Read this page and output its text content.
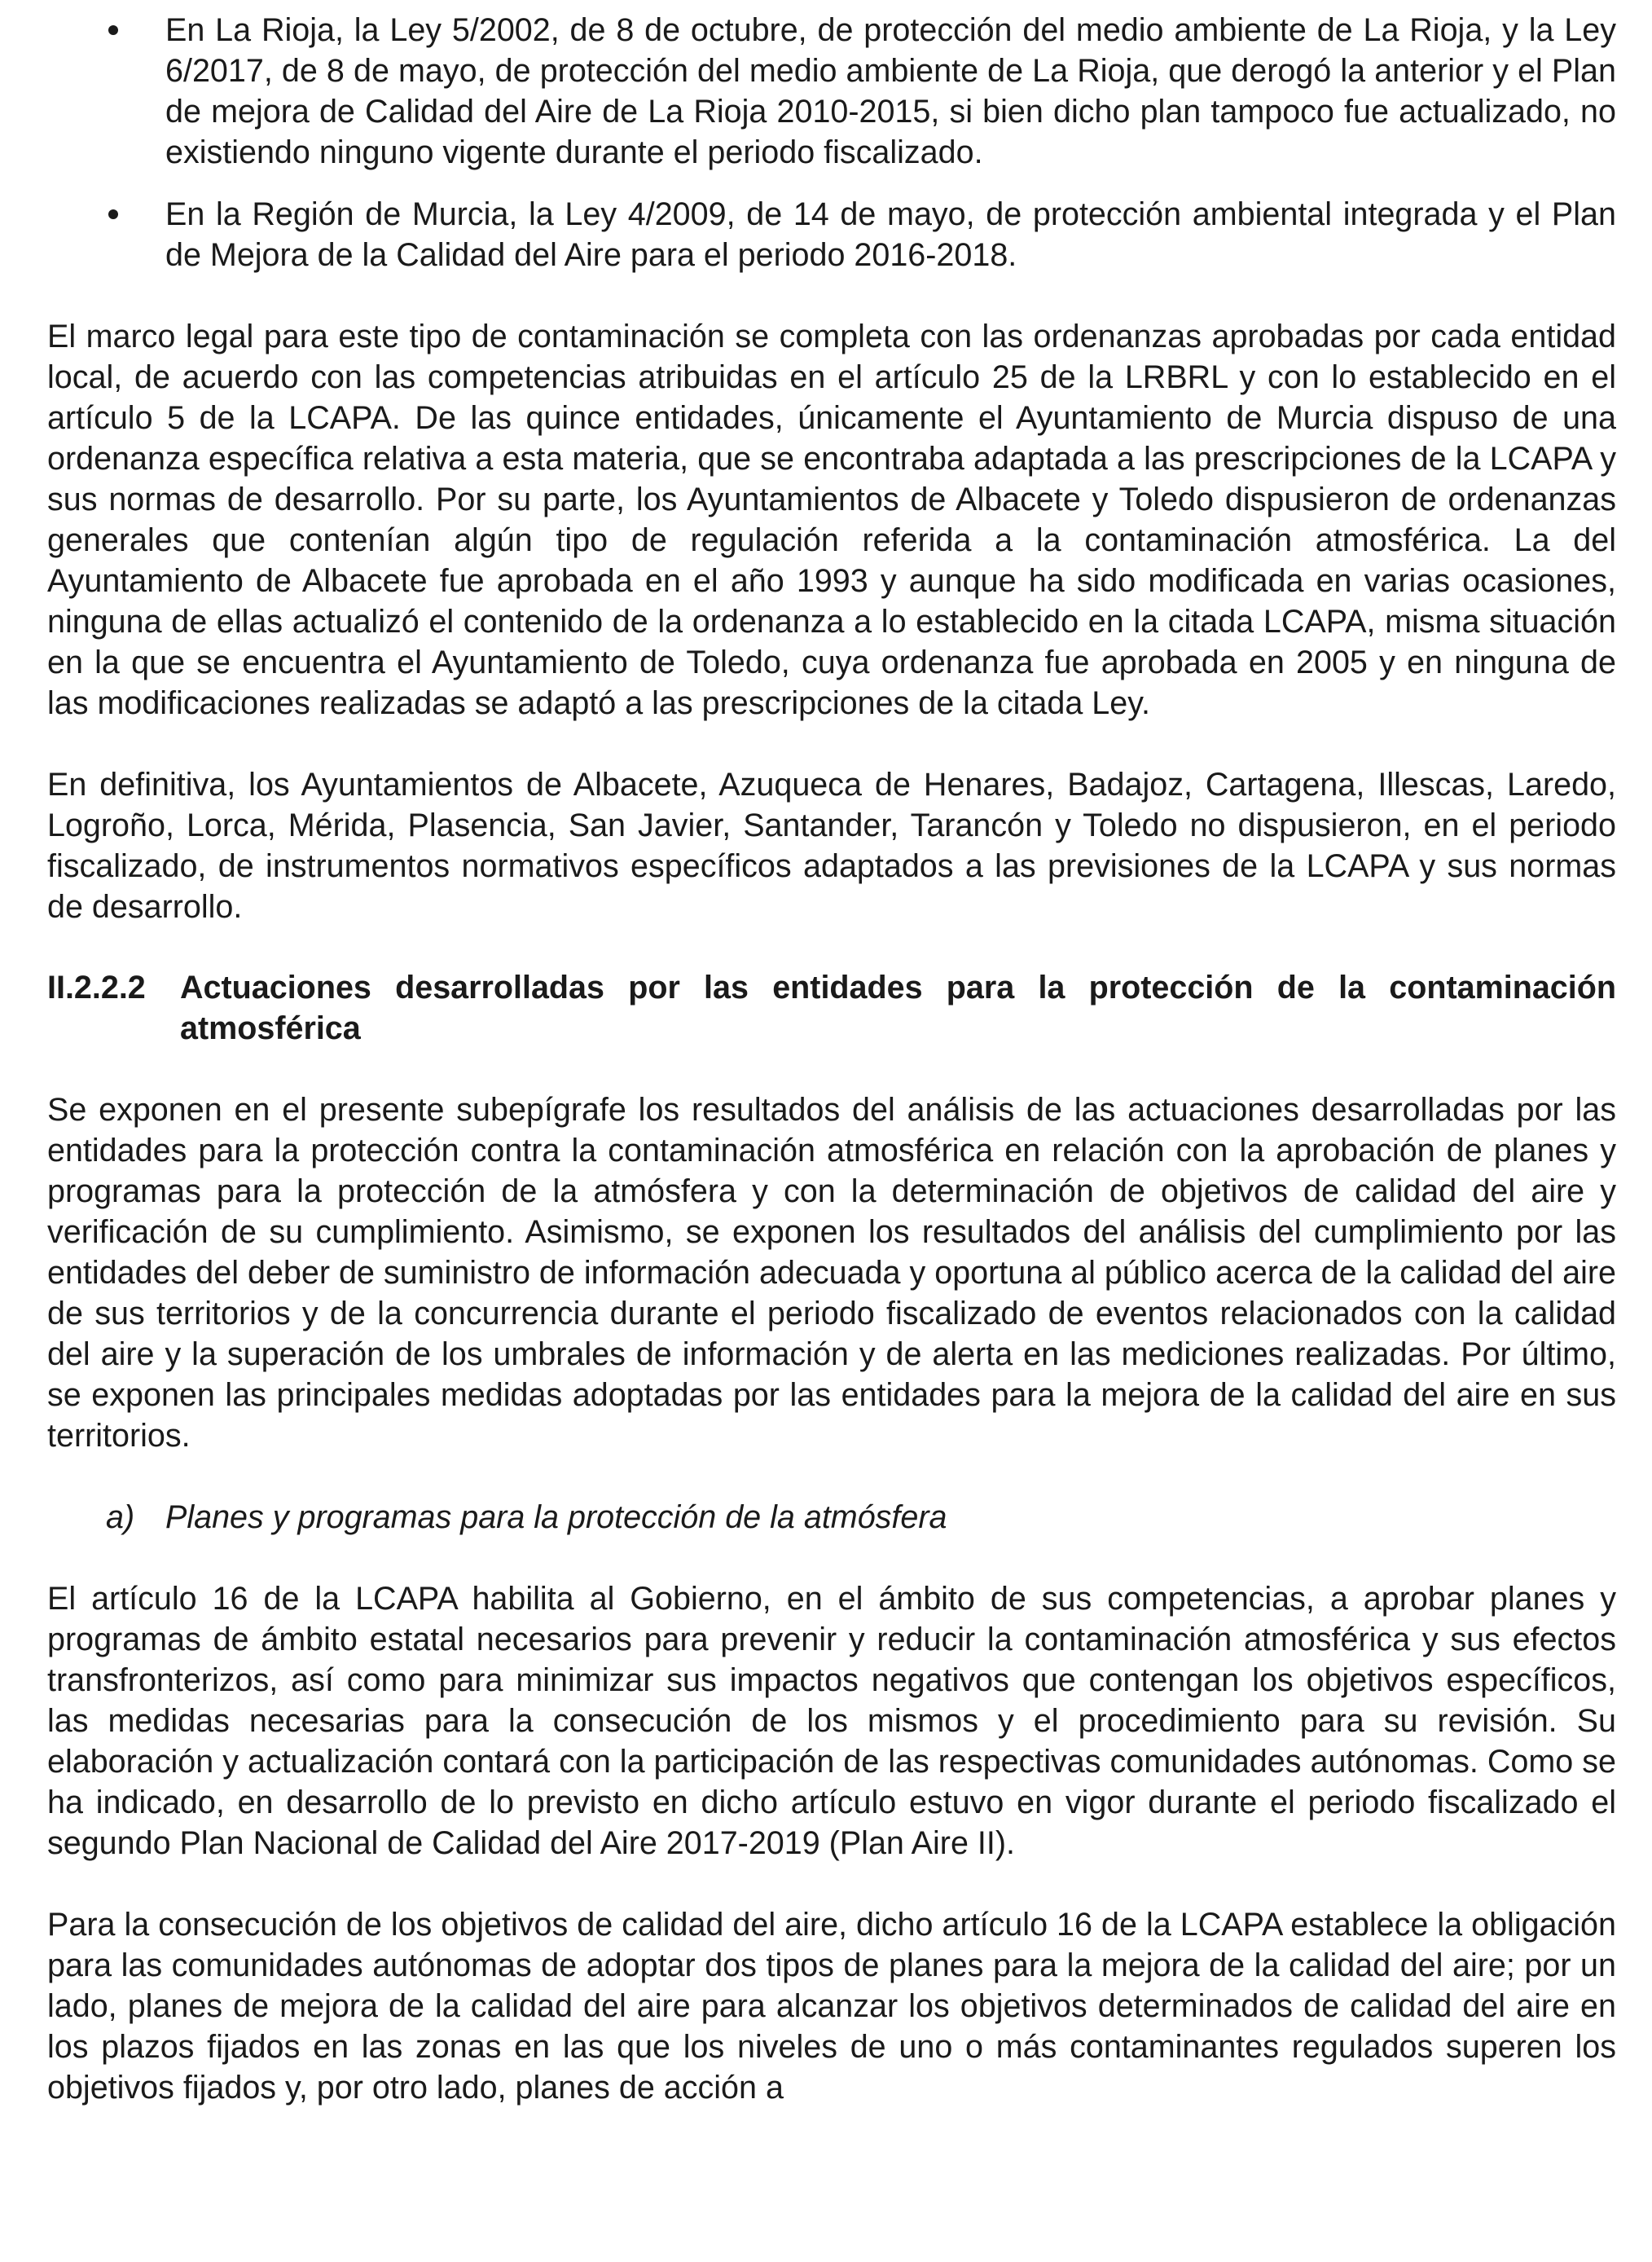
En La Rioja, la Ley 5/2002, de 8 de octubre, de protección del medio ambiente de La Rioja, y la Ley 6/2017, de 8 de mayo, de protección del medio ambiente de La Rioja, que derogó la anterior y el Plan de mejora de Calidad del Aire de La Rioja 2010-2015, si bien dicho plan tampoco fue actualizado, no existiendo ninguno vigente durante el periodo fiscalizado.
En la Región de Murcia, la Ley 4/2009, de 14 de mayo, de protección ambiental integrada y el Plan de Mejora de la Calidad del Aire para el periodo 2016-2018.

El marco legal para este tipo de contaminación se completa con las ordenanzas aprobadas por cada entidad local, de acuerdo con las competencias atribuidas en el artículo 25 de la LRBRL y con lo establecido en el artículo 5 de la LCAPA. De las quince entidades, únicamente el Ayuntamiento de Murcia dispuso de una ordenanza específica relativa a esta materia, que se encontraba adaptada a las prescripciones de la LCAPA y sus normas de desarrollo. Por su parte, los Ayuntamientos de Albacete y Toledo dispusieron de ordenanzas generales que contenían algún tipo de regulación referida a la contaminación atmosférica. La del Ayuntamiento de Albacete fue aprobada en el año 1993 y aunque ha sido modificada en varias ocasiones, ninguna de ellas actualizó el contenido de la ordenanza a lo establecido en la citada LCAPA, misma situación en la que se encuentra el Ayuntamiento de Toledo, cuya ordenanza fue aprobada en 2005 y en ninguna de las modificaciones realizadas se adaptó a las prescripciones de la citada Ley.

En definitiva, los Ayuntamientos de Albacete, Azuqueca de Henares, Badajoz, Cartagena, Illescas, Laredo, Logroño, Lorca, Mérida, Plasencia, San Javier, Santander, Tarancón y Toledo no dispusieron, en el periodo fiscalizado, de instrumentos normativos específicos adaptados a las previsiones de la LCAPA y sus normas de desarrollo.

II.2.2.2	Actuaciones desarrolladas por las entidades para la protección de la contaminación atmosférica

Se exponen en el presente subepígrafe los resultados del análisis de las actuaciones desarrolladas por las entidades para la protección contra la contaminación atmosférica en relación con la aprobación de planes y programas para la protección de la atmósfera y con la determinación de objetivos de calidad del aire y verificación de su cumplimiento. Asimismo, se exponen los resultados del análisis del cumplimiento por las entidades del deber de suministro de información adecuada y oportuna al público acerca de la calidad del aire de sus territorios y de la concurrencia durante el periodo fiscalizado de eventos relacionados con la calidad del aire y la superación de los umbrales de información y de alerta en las mediciones realizadas. Por último, se exponen las principales medidas adoptadas por las entidades para la mejora de la calidad del aire en sus territorios.

a) Planes y programas para la protección de la atmósfera

El artículo 16 de la LCAPA habilita al Gobierno, en el ámbito de sus competencias, a aprobar planes y programas de ámbito estatal necesarios para prevenir y reducir la contaminación atmosférica y sus efectos transfronterizos, así como para minimizar sus impactos negativos que contengan los objetivos específicos, las medidas necesarias para la consecución de los mismos y el procedimiento para su revisión. Su elaboración y actualización contará con la participación de las respectivas comunidades autónomas. Como se ha indicado, en desarrollo de lo previsto en dicho artículo estuvo en vigor durante el periodo fiscalizado el segundo Plan Nacional de Calidad del Aire 2017-2019 (Plan Aire II).

Para la consecución de los objetivos de calidad del aire, dicho artículo 16 de la LCAPA establece la obligación para las comunidades autónomas de adoptar dos tipos de planes para la mejora de la calidad del aire; por un lado, planes de mejora de la calidad del aire para alcanzar los objetivos determinados de calidad del aire en los plazos fijados en las zonas en las que los niveles de uno o más contaminantes regulados superen los objetivos fijados y, por otro lado, planes de acción a
